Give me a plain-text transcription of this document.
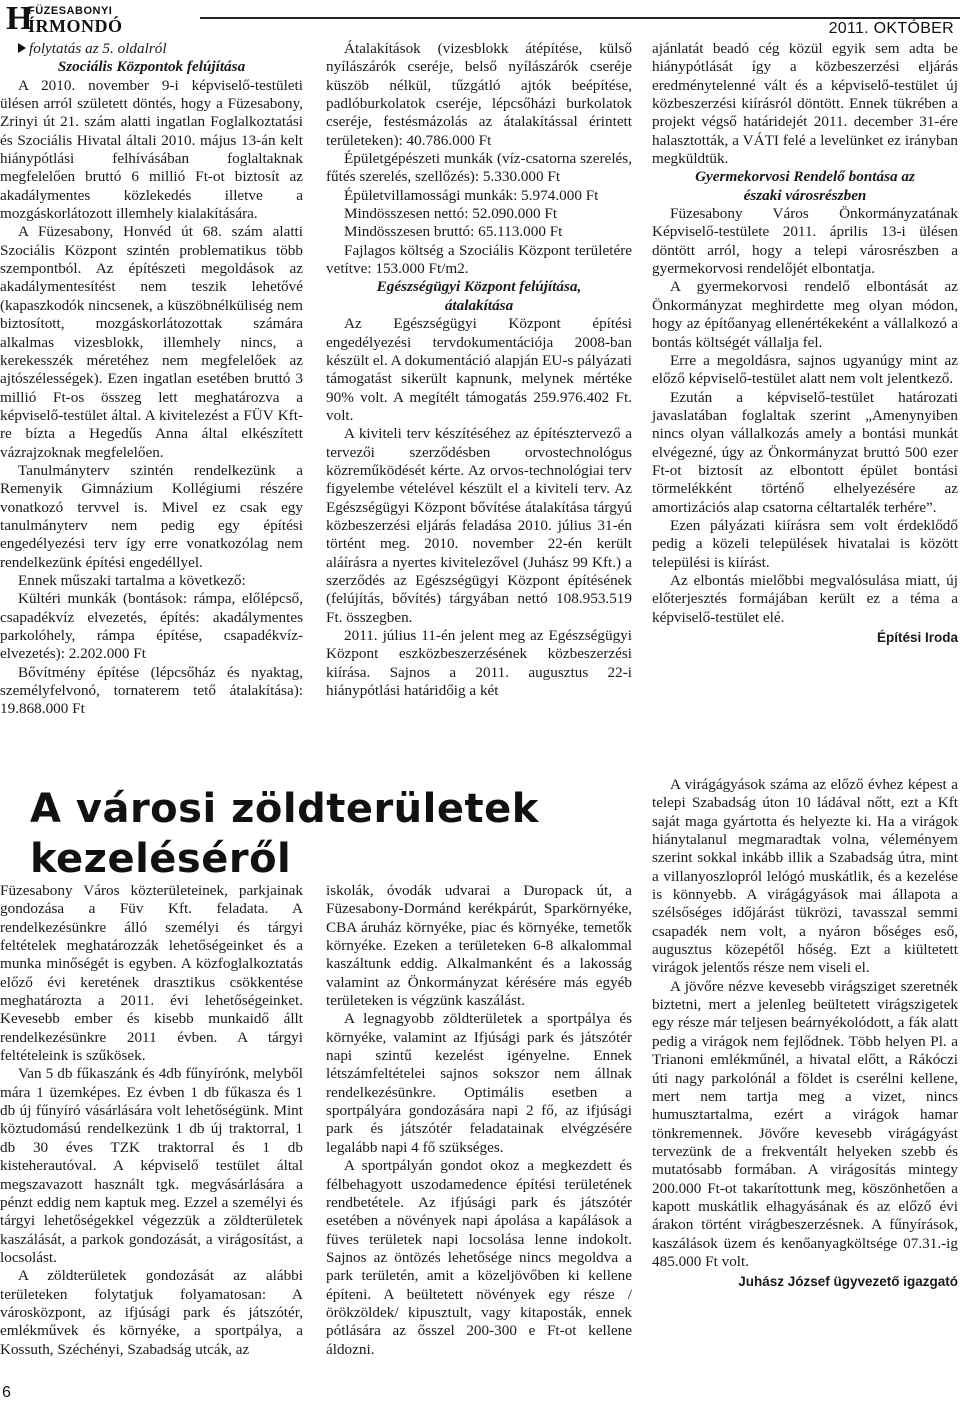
H
FÜZESABONYI
ÍRMONDÓ	2011. OKTÓBER

folytatás az 5. oldalról

Szociális Központok felújítása

A 2010. november 9-i képviselő-testületi ülésen arról született döntés, hogy a Füzesabony, Zrinyi út 21. szám alatti ingatlan Foglalkoztatási és Szociális Hivatal általi 2010. május 13-án kelt hiánypótlási felhívásában foglaltaknak megfelelően bruttó 6 millió Ft-ot biztosít az akadálymentes közlekedés illetve a mozgáskorlátozott illemhely kialakítására.

A Füzesabony, Honvéd út 68. szám alatti Szociális Központ szintén problematikus több szempontból. Az építészeti megoldások az akadálymentesítést nem teszik lehetővé (kapaszkodók nincsenek, a küszöbnélküliség nem biztosított, mozgáskorlátozottak számára alkalmas vizesblokk, illemhely nincs, a kerekesszék méretéhez nem megfelelőek az ajtószélességek). Ezen ingatlan esetében bruttó 3 millió Ft-os összeg lett meghatározva a képviselő-testület által. A kivitelezést a FÜV Kft-re bízta a Hegedűs Anna által elkészített vázrajzoknak megfelelően.

Tanulmányterv szintén rendelkezünk a Remenyik Gimnázium Kollégiumi részére vonatkozó tervvel is. Mivel ez csak egy tanulmányterv nem pedig egy építési engedélyezési terv így erre vonatkozólag nem rendelkezünk építési engedéllyel.

Ennek műszaki tartalma a következő:

Kültéri munkák (bontások: rámpa, előlépcső, csapadékvíz elvezetés, építés: akadálymentes parkolóhely, rámpa építése, csapadékvíz-elvezetés): 2.202.000 Ft

Bővítmény építése (lépcsőház és nyaktag, személyfelvonó, tornaterem tető átalakítása): 19.868.000 Ft

Átalakítások (vizesblokk átépítése, külső nyílászárók cseréje, belső nyílászárók cseréje küszöb nélkül, tűzgátló ajtók beépítése, padlóburkolatok cseréje, lépcsőházi burkolatok cseréje, festésmázolás az átalakítással érintett területeken): 40.786.000 Ft

Épületgépészeti munkák (víz-csatorna szerelés, fűtés szerelés, szellőzés): 5.330.000 Ft

Épületvillamossági munkák: 5.974.000 Ft

Mindösszesen nettó: 52.090.000 Ft

Mindösszesen bruttó: 65.113.000 Ft

Fajlagos költség a Szociális Központ területére vetítve: 153.000 Ft/m2.

Egészségügyi Központ felújítása,
átalakítása

Az Egészségügyi Központ építési engedélyezési tervdokumentációja 2008-ban készült el. A dokumentáció alapján EU-s pályázati támogatást sikerült kapnunk, melynek mértéke 90% volt. A megítélt támogatás 259.976.402 Ft. volt.

A kiviteli terv készítéséhez az építésztervező a tervezői szerződésben orvostechnológus közreműködését kérte. Az orvos-technológiai terv figyelembe vételével készült el a kiviteli terv. Az Egészségügyi Központ bővítése átalakítása tárgyú közbeszerzési eljárás feladása 2010. július 31-én történt meg. 2010. november 22-én került aláírásra a nyertes kivitelezővel (Juhász 99 Kft.) a szerződés az Egészségügyi Központ építésének (felújítás, bővítés) tárgyában nettó 108.953.519 Ft. összegben.

2011. július 11-én jelent meg az Egészségügyi Központ eszközbeszerzésének közbeszerzési kiírása. Sajnos a 2011. augusztus 22-i hiánypótlási határidőig a két

ajánlatát beadó cég közül egyik sem adta be hiánypótlását így a közbeszerzési eljárás eredménytelenné vált és a képviselő-testület új közbeszerzési kiírásról döntött. Ennek tükrében a projekt végső határidejét 2011. december 31-ére halasztották, a VÁTI felé a levelünket ez irányban megküldtük.

Gyermekorvosi Rendelő bontása az
északi városrészben

Füzesabony Város Önkormányzatának Képviselő-testülete 2011. április 13-i ülésen döntött arról, hogy a telepi városrészben a gyermekorvosi rendelőjét elbontatja.

A gyermekorvosi rendelő elbontását az Önkormányzat meghirdette meg olyan módon, hogy az építőanyag ellenértékeként a vállalkozó a bontás költségét vállalja fel.

Erre a megoldásra, sajnos ugyanúgy mint az előző képviselő-testület alatt nem volt jelentkező.

Ezután a képviselő-testület határozati javaslatában foglaltak szerint „Amenynyiben nincs olyan vállalkozás amely a bontási munkát elvégezné, úgy az Önkormányzat bruttó 500 ezer Ft-ot biztosít az elbontott épület bontási törmelékként történő elhelyezésére az amortizációs alap csatorna céltartalék terhére”.

Ezen pályázati kiírásra sem volt érdeklődő pedig a közeli települések hivatalai is között települési is kiírást.

Az elbontás mielőbbi megvalósulása miatt, új előterjesztés formájában került ez a téma a képviselő-testület elé.

Építési Iroda

A városi zöldterületek
kezeléséről

Füzesabony Város közterületeinek, parkjainak gondozása a Füv Kft. feladata. A rendelkezésünkre álló személyi és tárgyi feltételek meghatározzák lehetőségeinket és a munka minőségét is egyben. A közfoglalkoztatás előző évi keretének drasztikus csökkentése meghatározta a 2011. évi lehetőségeinket. Kevesebb ember és kisebb munkaidő állt rendelkezésünkre 2011 évben. A tárgyi feltételeink is szűkösek.

Van 5 db fűkaszánk és 4db fűnyírónk, melyből mára 1 üzemképes. Ez évben 1 db fűkasza és 1 db új fűnyíró vásárlására volt lehetőségünk. Mint köztudomású rendelkezünk 1 db új traktorral, 1 db 30 éves TZK traktorral és 1 db kisteherautóval. A képviselő testület által megszavazott használt tgk. megvásárlására a pénzt eddig nem kaptuk meg. Ezzel a személyi és tárgyi lehetőségekkel végezzük a zöldterületek kaszálását, a parkok gondozását, a virágosítást, a locsolást.

A zöldterületek gondozását az alábbi területeken folytatjuk folyamatosan: A városközpont, az ifjúsági park és játszótér, emlékművek és környéke, a sportpálya, a Kossuth, Széchényi, Szabadság utcák, az

iskolák, óvodák udvarai a Duropack út, a Füzesabony-Dormánd kerékpárút, Sparkörnyéke, CBA áruház környéke, piac és környéke, temetők környéke. Ezeken a területeken 6-8 alkalommal kaszáltunk eddig. Alkalmanként és a lakosság valamint az Önkormányzat kérésére más egyéb területeken is végzünk kaszálást.

A legnagyobb zöldterületek a sportpálya és környéke, valamint az Ifjúsági park és játszótér napi szintű kezelést igényelne. Ennek létszámfeltételei sajnos sokszor nem állnak rendelkezésünkre. Optimális esetben a sportpályára gondozására napi 2 fő, az ifjúsági park és játszótér feladatainak elvégzésére legalább napi 4 fő szükséges.

A sportpályán gondot okoz a megkezdett és félbehagyott uszodamedence építési területének rendbetétele. Az ifjúsági park és játszótér esetében a növények napi ápolása a kapálások a füves területek napi locsolása lenne indokolt. Sajnos az öntözés lehetősége nincs megoldva a park területén, amit a közeljövőben ki kellene építeni. A beültetett növények egy része / örökzöldek/ kipusztult, vagy kitaposták, ennek pótlására az ősszel 200-300 e Ft-ot kellene áldozni.

A virágágyások száma az előző évhez képest a telepi Szabadság úton 10 ládával nőtt, ezt a Kft saját maga gyártotta és helyezte ki. Ha a virágok hiánytalanul megmaradtak volna, véleményem szerint sokkal inkább illik a Szabadság útra, mint a villanyoszlopról lelógó muskátlik, és a kezelése is könnyebb. A virágágyások mai állapota a szélsőséges időjárást tükrözi, tavasszal semmi csapadék nem volt, a nyáron bőséges eső, augusztus közepétől hőség. Ezt a kiültetett virágok jelentős része nem viseli el.

A jövőre nézve kevesebb virágsziget szeretnék biztetni, mert a jelenleg beültetett virágszigetek egy része már teljesen beárnyékolódott, a fák alatt pedig a virágok nem fejlődnek. Több helyen Pl. a Trianoni emlékműnél, a hivatal előtt, a Rákóczi úti nagy parkolónál a földet is cserélni kellene, mert nem tartja meg a vizet, nincs humusztartalma, ezért a virágok hamar tönkremennek. Jövőre kevesebb virágágyást tervezünk de a frekventált helyeken szebb és mutatósabb formában. A virágosítás mintegy 200.000 Ft-ot takarítottunk meg, köszönhetően a kapott muskátlik elhagyásának és az előző évi árakon történt virágbeszerzésnek. A fűnyírások, kaszálások üzem és kenőanyagköltsége 07.31.-ig 485.000 Ft volt.

Juhász József ügyvezető igazgató

6
